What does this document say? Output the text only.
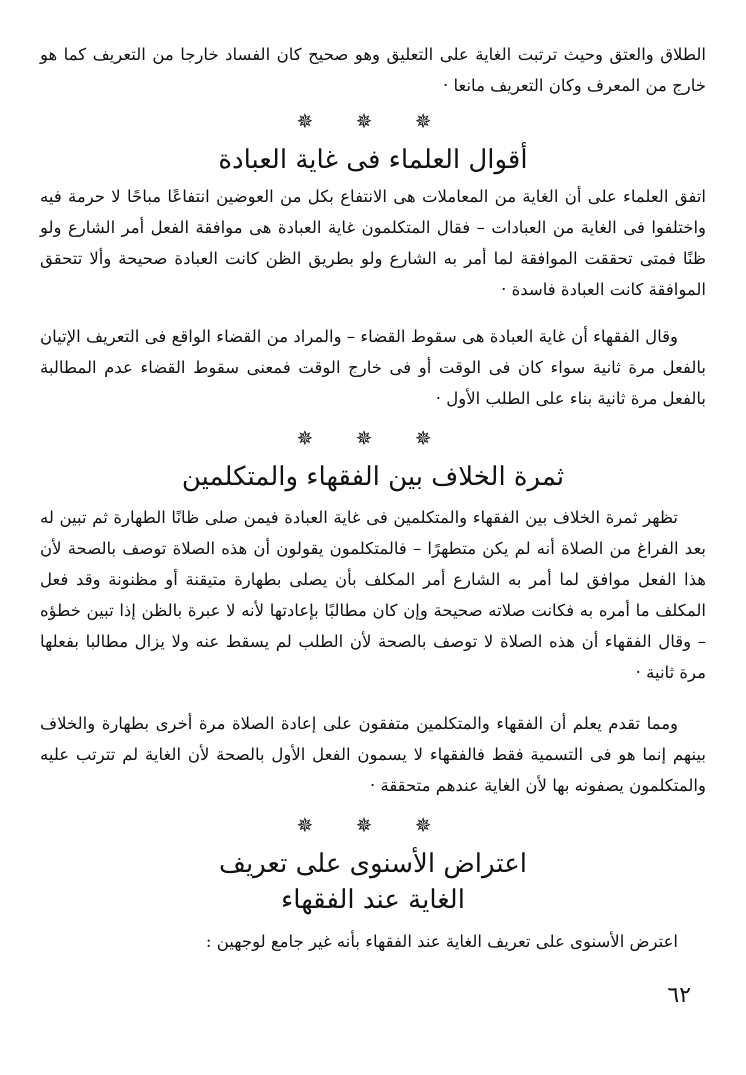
الطلاق والعتق وحيث ترتبت الغاية على التعليق وهو صحيح كان الفساد خارجا من التعريف كما هو خارج من المعرف وكان التعريف مانعا ·

✵ ✵ ✵
أقوال العلماء فى غاية العبادة

اتفق العلماء على أن الغاية من المعاملات هى الانتفاع بكل من العوضين انتفاعًا مباحًا لا حرمة فيه واختلفوا فى الغاية من العبادات – فقال المتكلمون غاية العبادة هى موافقة الفعل أمر الشارع ولو ظنًا فمتى تحققت الموافقة لما أمر به الشارع ولو بطريق الظن كانت العبادة صحيحة وألا تتحقق الموافقة كانت العبادة فاسدة ·

وقال الفقهاء أن غاية العبادة هى سقوط القضاء – والمراد من القضاء الواقع فى التعريف الإتيان بالفعل مرة ثانية سواء كان فى الوقت أو فى خارج الوقت فمعنى سقوط القضاء عدم المطالبة بالفعل مرة ثانية بناء على الطلب الأول ·

✵ ✵ ✵
ثمرة الخلاف بين الفقهاء والمتكلمين

تظهر ثمرة الخلاف بين الفقهاء والمتكلمين فى غاية العبادة فيمن صلى ظانًا الطهارة ثم تبين له بعد الفراغ من الصلاة أنه لم يكن متطهرًا – فالمتكلمون يقولون أن هذه الصلاة توصف بالصحة لأن هذا الفعل موافق لما أمر به الشارع أمر المكلف بأن يصلى بطهارة متيقنة أو مظنونة وقد فعل المكلف ما أمره به فكانت صلاته صحيحة وإن كان مطالبًا بإعادتها لأنه لا عبرة بالظن إذا تبين خطؤه – وقال الفقهاء أن هذه الصلاة لا توصف بالصحة لأن الطلب لم يسقط عنه ولا يزال مطالبا بفعلها مرة ثانية ·

ومما تقدم يعلم أن الفقهاء والمتكلمين متفقون على إعادة الصلاة مرة أخرى بطهارة والخلاف بينهم إنما هو فى التسمية فقط فالفقهاء لا يسمون الفعل الأول بالصحة لأن الغاية لم تترتب عليه والمتكلمون يصفونه بها لأن الغاية عندهم متحققة ·

✵ ✵ ✵
اعتراض الأسنوى على تعريف
الغاية عند الفقهاء

اعترض الأسنوى على تعريف الغاية عند الفقهاء بأنه غير جامع لوجهين :

٦٢
